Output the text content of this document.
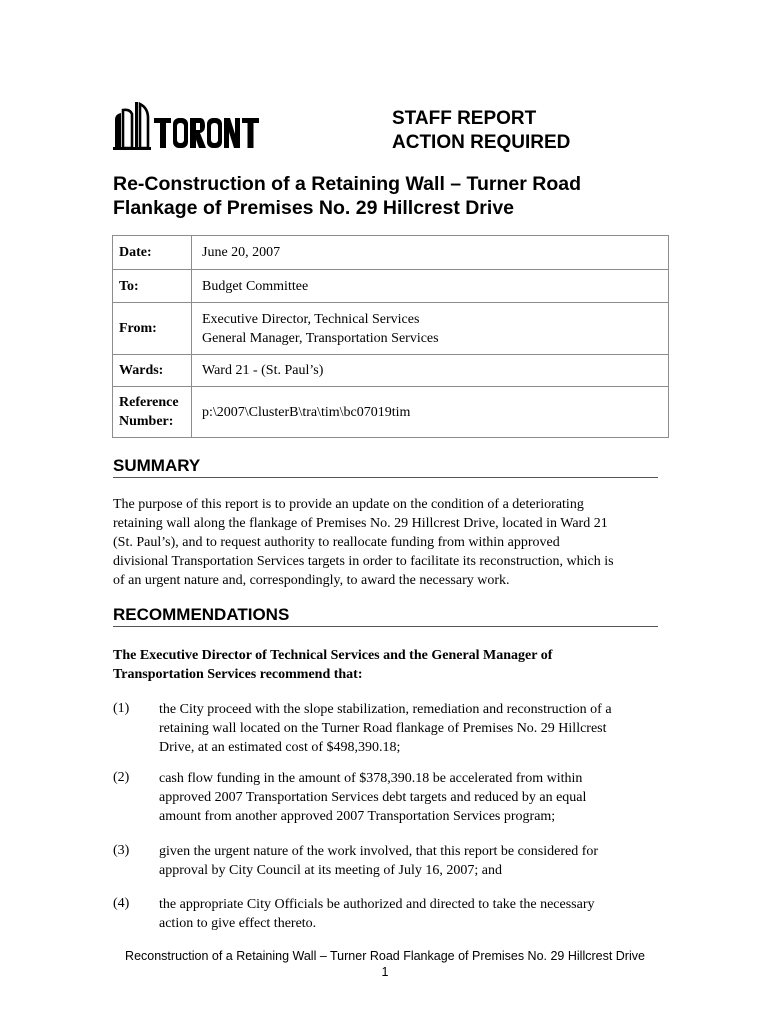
STAFF REPORT
ACTION REQUIRED
Re-Construction of a Retaining Wall – Turner Road
Flankage of Premises No. 29 Hillcrest Drive
Date:	June 20, 2007

To:	Budget Committee

From:	Executive Director, Technical Services
General Manager, Transportation Services

Wards:	Ward 21 - (St. Paul’s)

Reference
Number:	p:\2007\ClusterB\tra\tim\bc07019tim
SUMMARY
The purpose of this report is to provide an update on the condition of a deteriorating
retaining wall along the flankage of Premises No. 29 Hillcrest Drive, located in Ward 21
(St. Paul’s), and to request authority to reallocate funding from within approved
divisional Transportation Services targets in order to facilitate its reconstruction, which is
of an urgent nature and, correspondingly, to award the necessary work.
RECOMMENDATIONS
The Executive Director of Technical Services and the General Manager of
Transportation Services recommend that:
(1) the City proceed with the slope stabilization, remediation and reconstruction of a
retaining wall located on the Turner Road flankage of Premises No. 29 Hillcrest
Drive, at an estimated cost of $498,390.18;
(2) cash flow funding in the amount of $378,390.18 be accelerated from within
approved 2007 Transportation Services debt targets and reduced by an equal
amount from another approved 2007 Transportation Services program;
(3) given the urgent nature of the work involved, that this report be considered for
approval by City Council at its meeting of July 16, 2007; and
(4) the appropriate City Officials be authorized and directed to take the necessary
action to give effect thereto.
Reconstruction of a Retaining Wall – Turner Road Flankage of Premises No. 29 Hillcrest Drive
1
